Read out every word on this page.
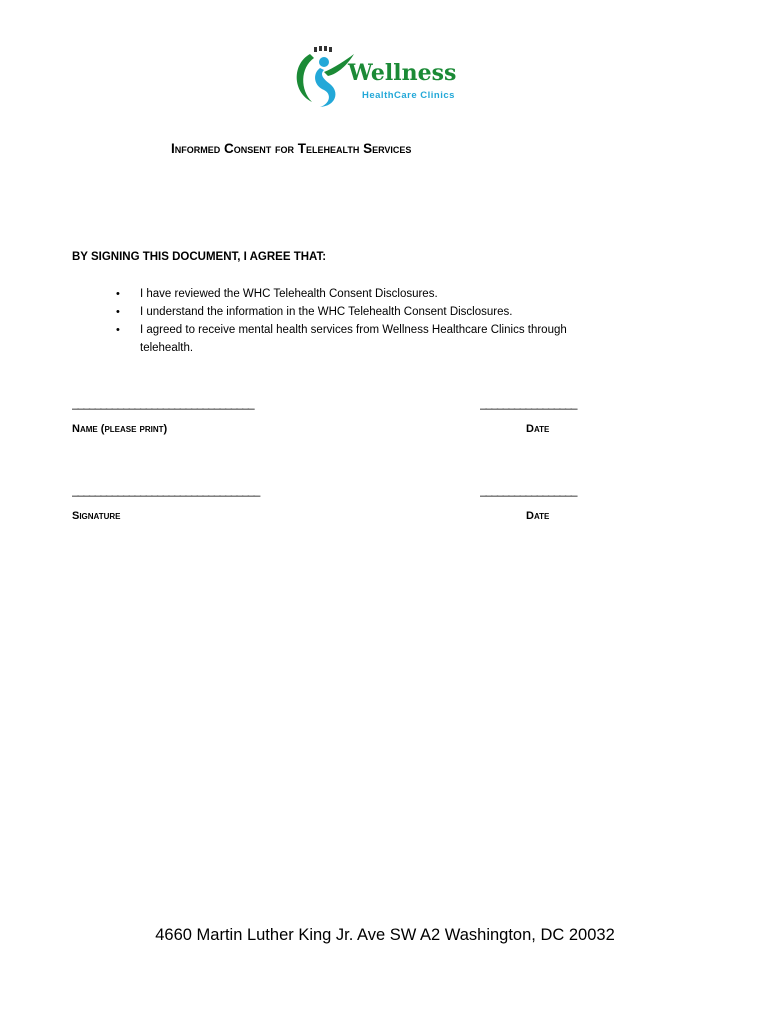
Wellness
HealthCare Clinics
Informed Consent for Telehealth Services
BY SIGNING THIS DOCUMENT, I AGREE THAT:
• I have reviewed the WHC Telehealth Consent Disclosures.
• I understand the information in the WHC Telehealth Consent Disclosures.
• I agreed to receive mental health services from Wellness Healthcare Clinics through telehealth.
________________________________	_________________
Name (please print)	Date
_________________________________	_________________
Signature	Date
4660 Martin Luther King Jr. Ave SW A2 Washington, DC 20032
